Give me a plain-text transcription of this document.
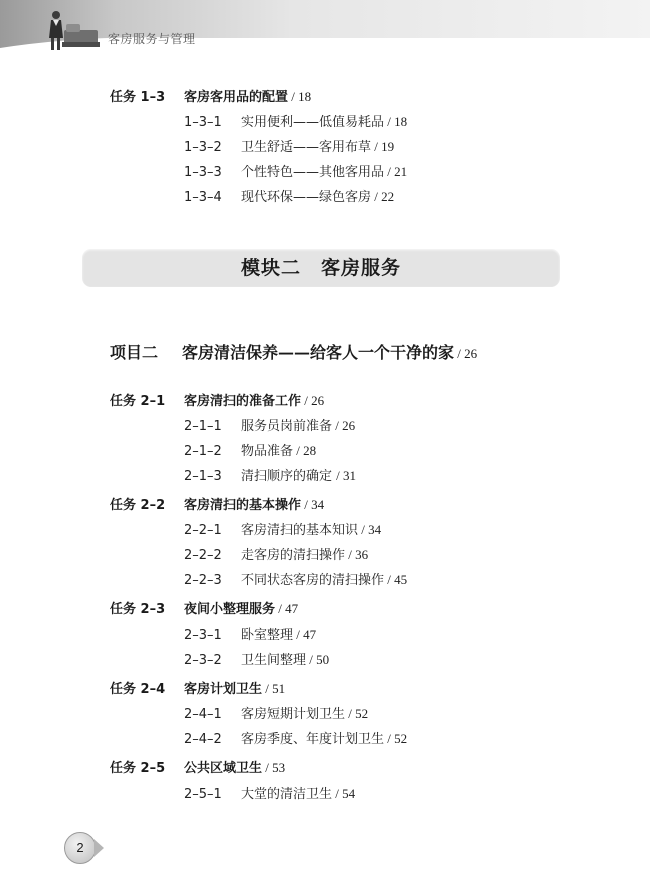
客房服务与管理
任务 1–3 客房客用品的配置 / 18
1–3–1 实用便利——低值易耗品 / 18
1–3–2 卫生舒适——客用布草 / 19
1–3–3 个性特色——其他客用品 / 21
1–3–4 现代环保——绿色客房 / 22
模块二　客房服务
项目二 客房清洁保养——给客人一个干净的家 / 26
任务 2–1 客房清扫的准备工作 / 26
2–1–1 服务员岗前准备 / 26
2–1–2 物品准备 / 28
2–1–3 清扫顺序的确定 / 31
任务 2–2 客房清扫的基本操作 / 34
2–2–1 客房清扫的基本知识 / 34
2–2–2 走客房的清扫操作 / 36
2–2–3 不同状态客房的清扫操作 / 45
任务 2–3 夜间小整理服务 / 47
2–3–1 卧室整理 / 47
2–3–2 卫生间整理 / 50
任务 2–4 客房计划卫生 / 51
2–4–1 客房短期计划卫生 / 52
2–4–2 客房季度、年度计划卫生 / 52
任务 2–5 公共区域卫生 / 53
2–5–1 大堂的清洁卫生 / 54
2
